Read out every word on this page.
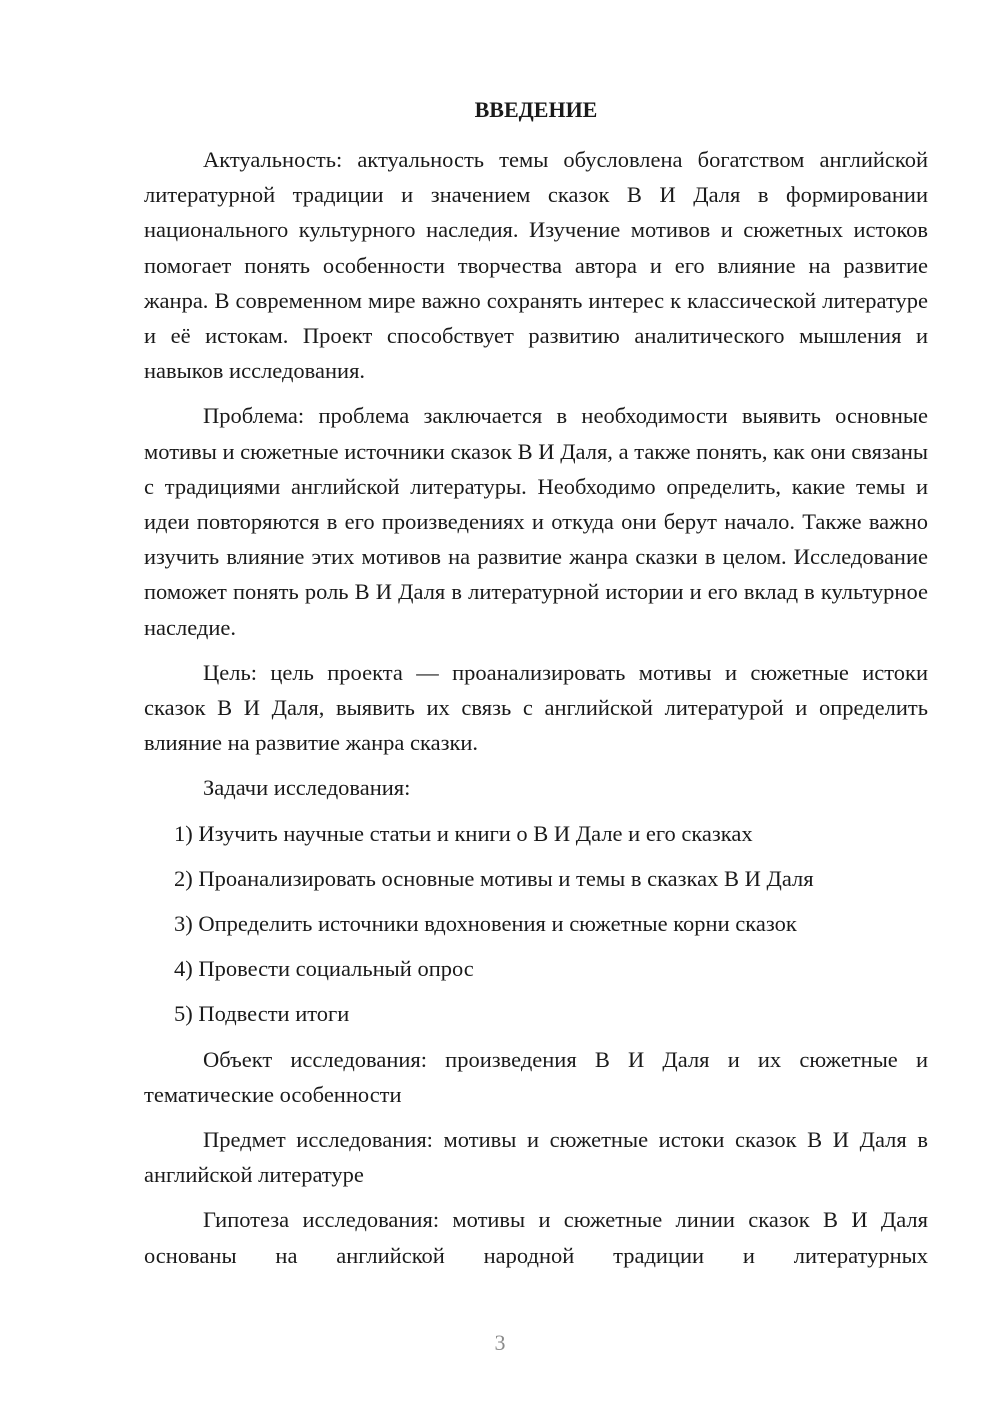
ВВЕДЕНИЕ

Актуальность: актуальность темы обусловлена богатством английской литературной традиции и значением сказок В И Даля в формировании национального культурного наследия. Изучение мотивов и сюжетных истоков помогает понять особенности творчества автора и его влияние на развитие жанра. В современном мире важно сохранять интерес к классической литературе и её истокам. Проект способствует развитию аналитического мышления и навыков исследования.

Проблема: проблема заключается в необходимости выявить основные мотивы и сюжетные источники сказок В И Даля, а также понять, как они связаны с традициями английской литературы. Необходимо определить, какие темы и идеи повторяются в его произведениях и откуда они берут начало. Также важно изучить влияние этих мотивов на развитие жанра сказки в целом. Исследование поможет понять роль В И Даля в литературной истории и его вклад в культурное наследие.

Цель: цель проекта — проанализировать мотивы и сюжетные истоки сказок В И Даля, выявить их связь с английской литературой и определить влияние на развитие жанра сказки.

Задачи исследования:
1) Изучить научные статьи и книги о В И Дале и его сказках
2) Проанализировать основные мотивы и темы в сказках В И Даля
3) Определить источники вдохновения и сюжетные корни сказок
4) Провести социальный опрос
5) Подвести итоги

Объект исследования: произведения В И Даля и их сюжетные и тематические особенности

Предмет исследования: мотивы и сюжетные истоки сказок В И Даля в английской литературе

Гипотеза исследования: мотивы и сюжетные линии сказок В И Даля основаны на английской народной традиции и литературных

3
